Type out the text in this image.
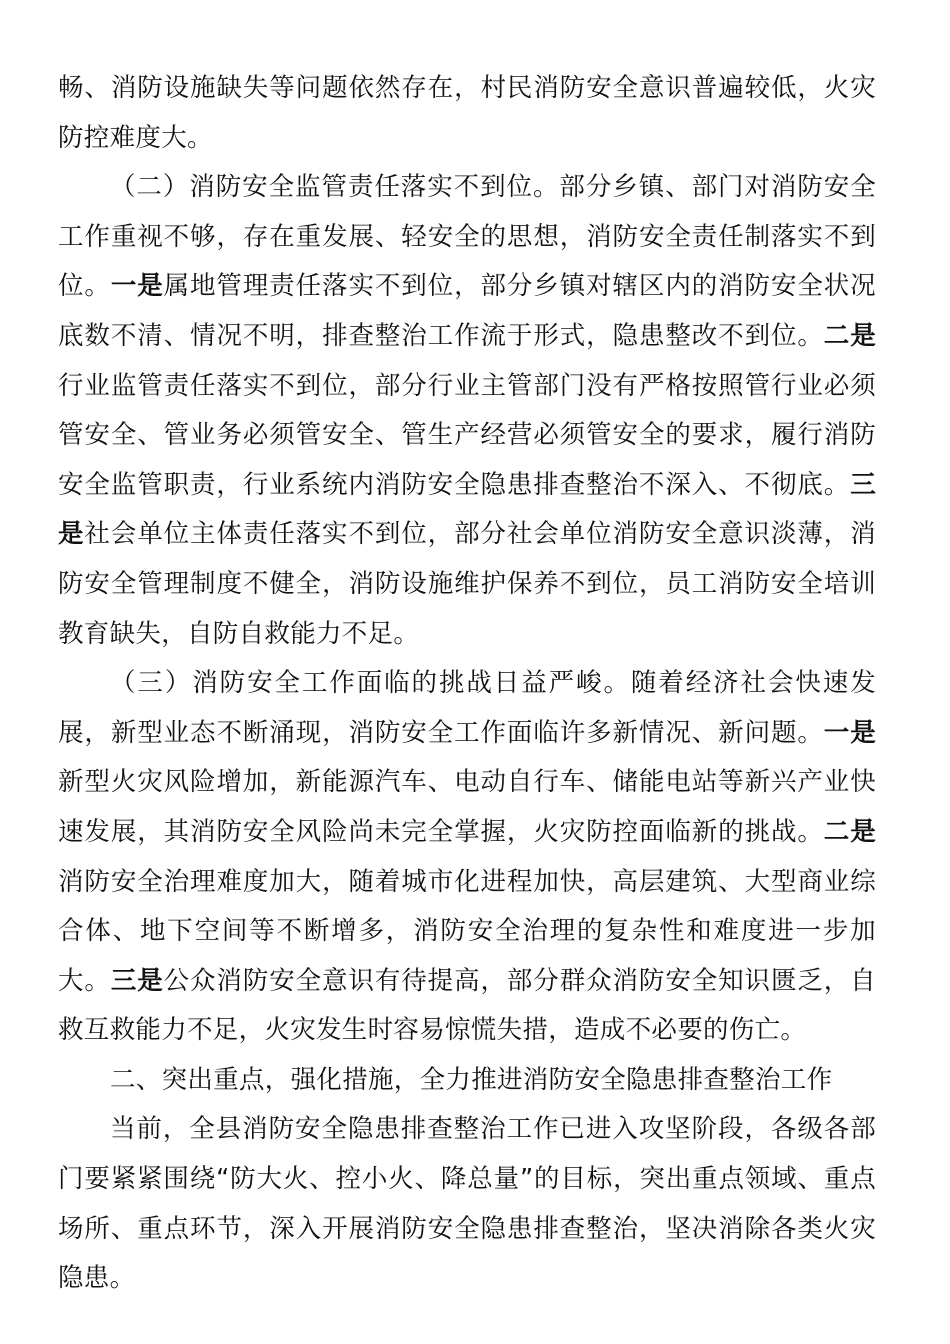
畅、消防设施缺失等问题依然存在，村民消防安全意识普遍较低，火灾防控难度大。

（二）消防安全监管责任落实不到位。部分乡镇、部门对消防安全工作重视不够，存在重发展、轻安全的思想，消防安全责任制落实不到位。一是属地管理责任落实不到位，部分乡镇对辖区内的消防安全状况底数不清、情况不明，排查整治工作流于形式，隐患整改不到位。二是行业监管责任落实不到位，部分行业主管部门没有严格按照管行业必须管安全、管业务必须管安全、管生产经营必须管安全的要求，履行消防安全监管职责，行业系统内消防安全隐患排查整治不深入、不彻底。三是社会单位主体责任落实不到位，部分社会单位消防安全意识淡薄，消防安全管理制度不健全，消防设施维护保养不到位，员工消防安全培训教育缺失，自防自救能力不足。

（三）消防安全工作面临的挑战日益严峻。随着经济社会快速发展，新型业态不断涌现，消防安全工作面临许多新情况、新问题。一是新型火灾风险增加，新能源汽车、电动自行车、储能电站等新兴产业快速发展，其消防安全风险尚未完全掌握，火灾防控面临新的挑战。二是消防安全治理难度加大，随着城市化进程加快，高层建筑、大型商业综合体、地下空间等不断增多，消防安全治理的复杂性和难度进一步加大。三是公众消防安全意识有待提高，部分群众消防安全知识匮乏，自救互救能力不足，火灾发生时容易惊慌失措，造成不必要的伤亡。

二、突出重点，强化措施，全力推进消防安全隐患排查整治工作

当前，全县消防安全隐患排查整治工作已进入攻坚阶段，各级各部门要紧紧围绕“防大火、控小火、降总量”的目标，突出重点领域、重点场所、重点环节，深入开展消防安全隐患排查整治，坚决消除各类火灾隐患。
